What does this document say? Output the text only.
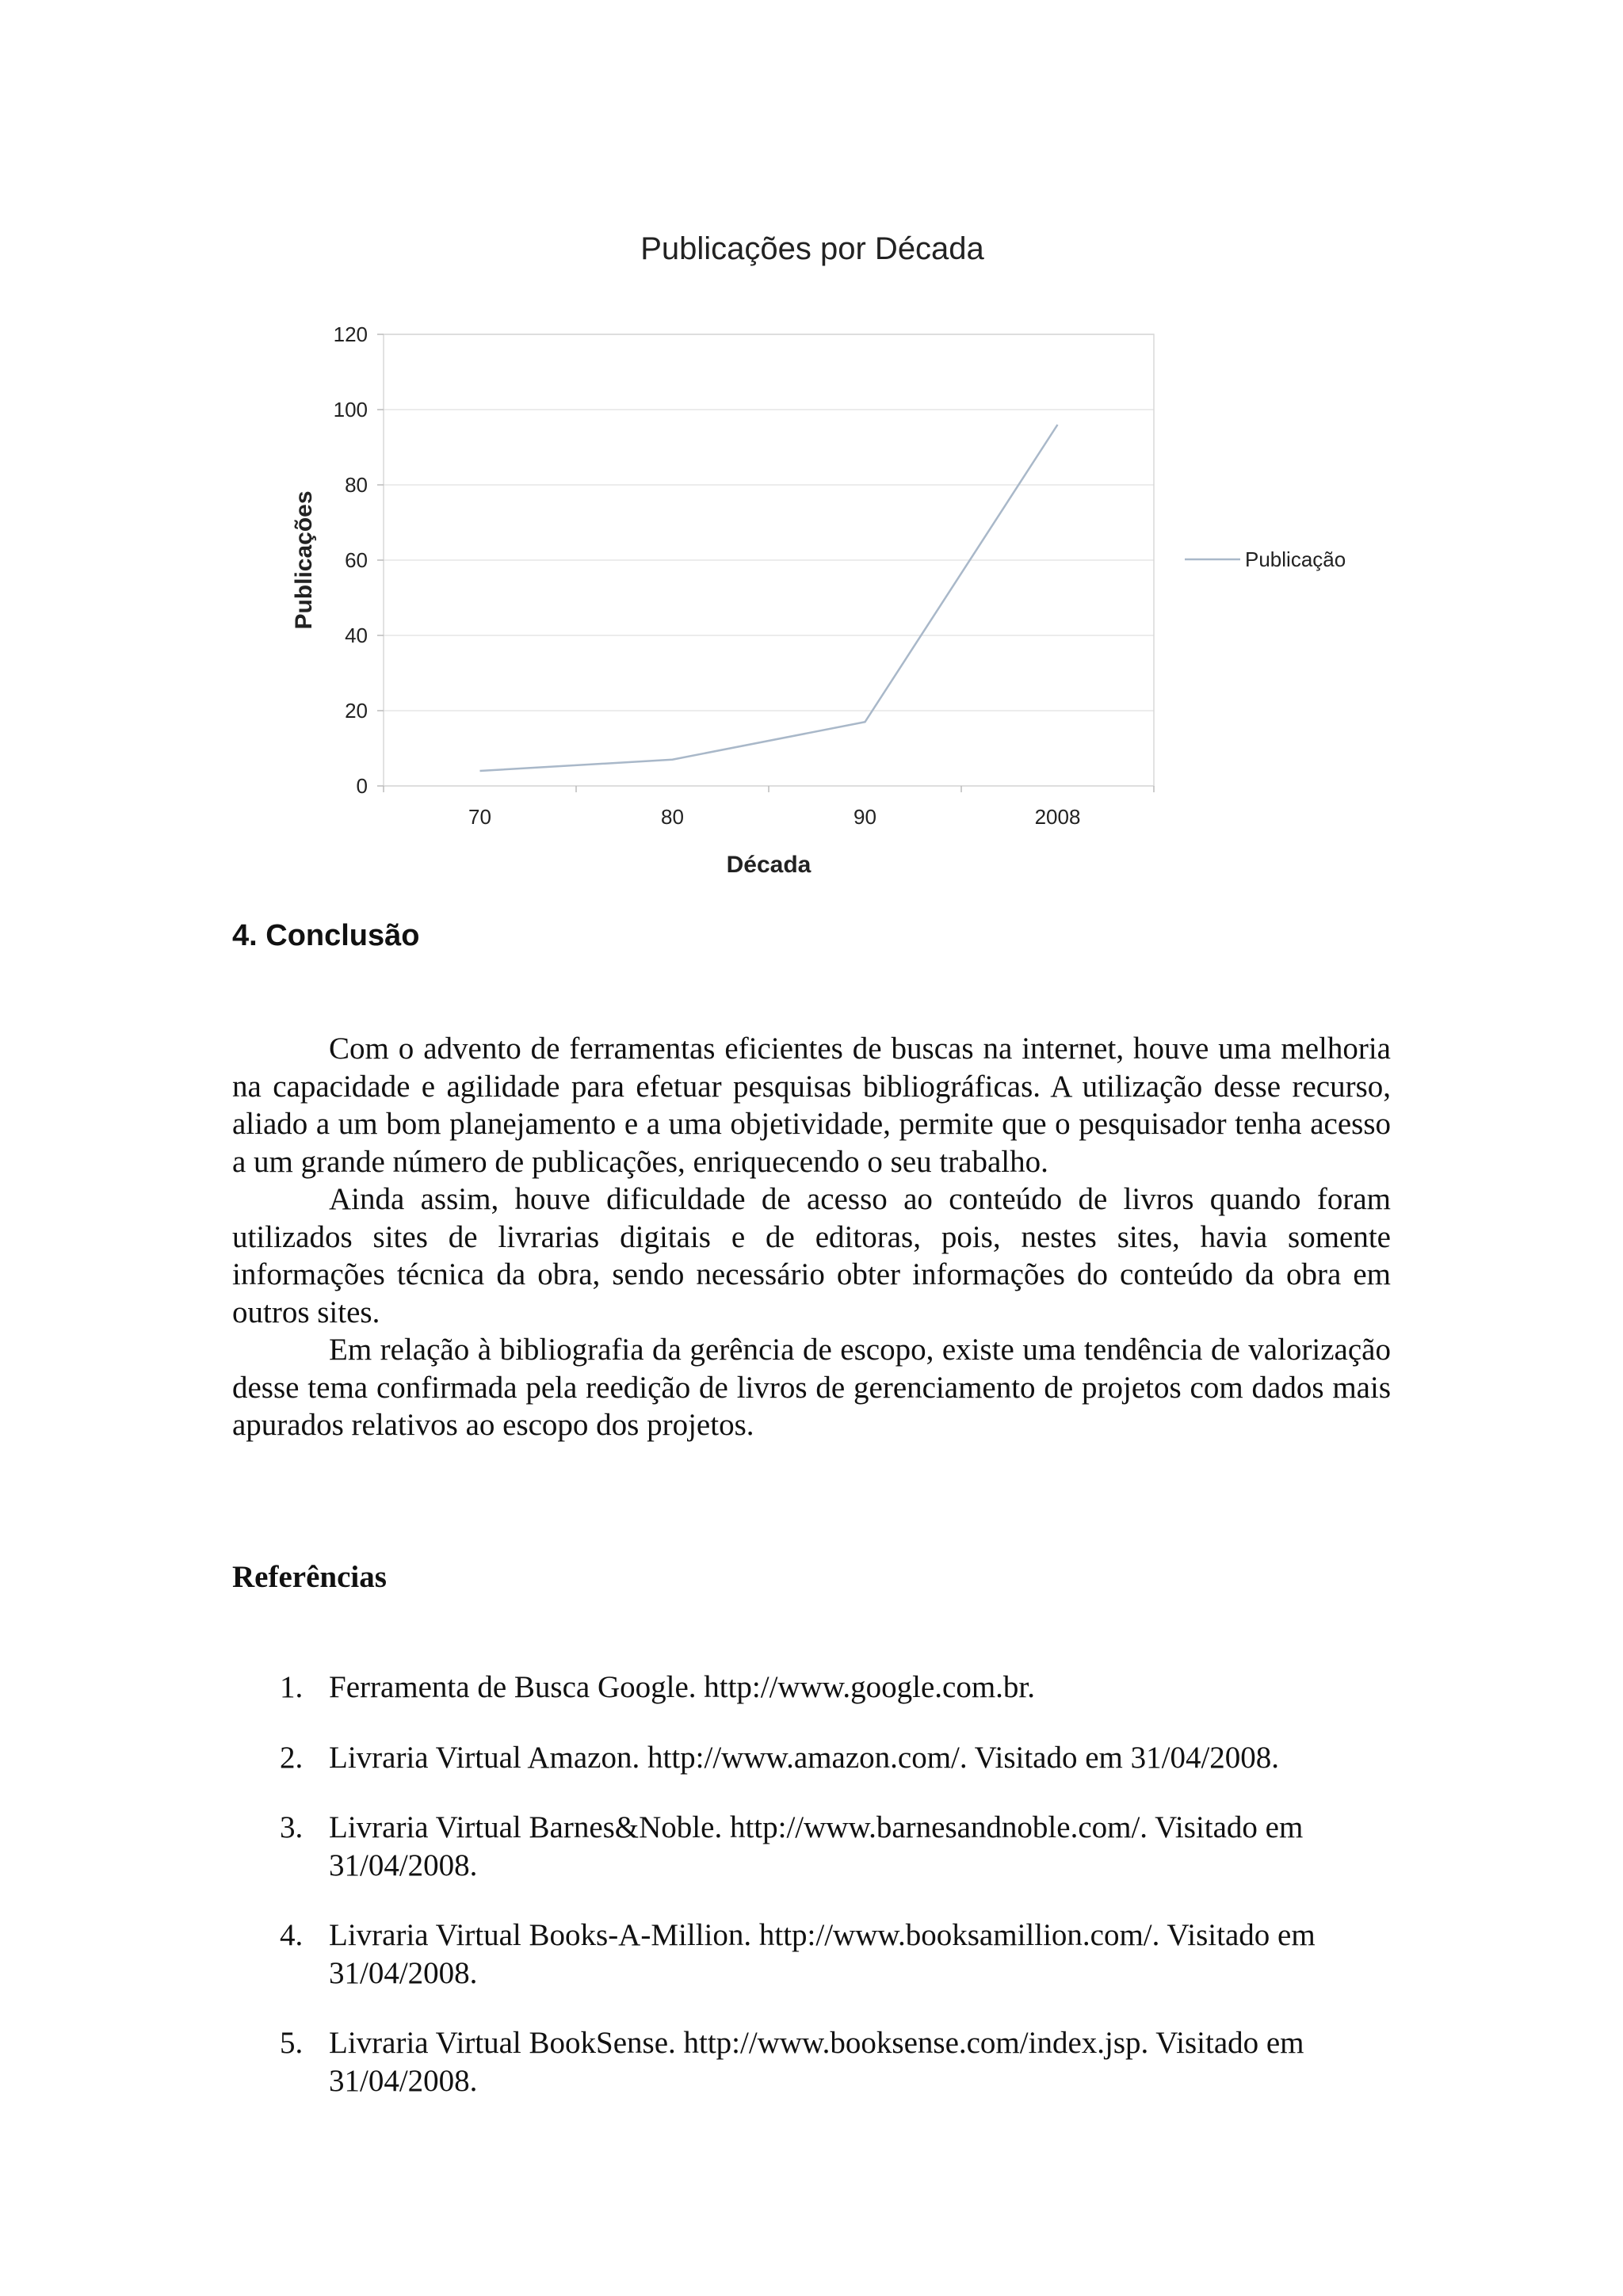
Publicações por Década
0
20
40
60
80
100
120
70	80	90	2008
Publicações
Década
Publicação
4. Conclusão

Com o advento de ferramentas eficientes de buscas na internet, houve uma melhoria na capacidade e agilidade para efetuar pesquisas bibliográficas. A utilização desse recurso, aliado a um bom planejamento e a uma objetividade, permite que o pesquisador tenha acesso a um grande número de publicações, enriquecendo o seu trabalho.

Ainda assim, houve dificuldade de acesso ao conteúdo de livros quando foram utilizados sites de livrarias digitais e de editoras, pois, nestes sites, havia somente informações técnica da obra, sendo necessário obter informações do conteúdo da obra em outros sites.

Em relação à bibliografia da gerência de escopo, existe uma tendência de valorização desse tema confirmada pela reedição de livros de gerenciamento de projetos com dados mais apurados relativos ao escopo dos projetos.

Referências
1. Ferramenta de Busca Google. http://www.google.com.br.
2. Livraria Virtual Amazon. http://www.amazon.com/. Visitado em 31/04/2008.
3. Livraria Virtual Barnes&Noble. http://www.barnesandnoble.com/. Visitado em 31/04/2008.
4. Livraria Virtual Books-A-Million. http://www.booksamillion.com/. Visitado em 31/04/2008.
5. Livraria Virtual BookSense. http://www.booksense.com/index.jsp. Visitado em 31/04/2008.
